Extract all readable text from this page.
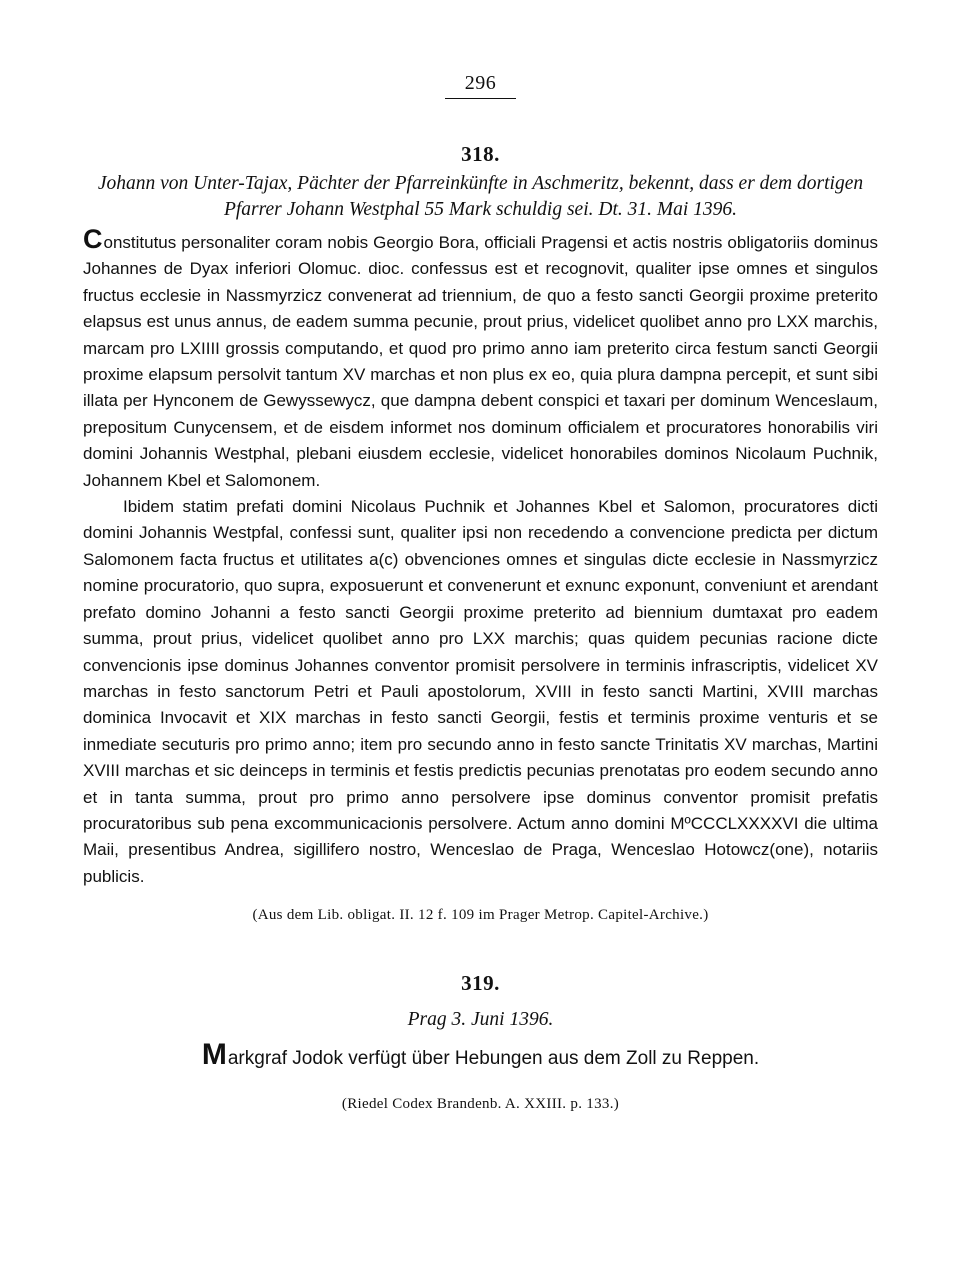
296
318.
Johann von Unter-Tajax, Pächter der Pfarreinkünfte in Aschmeritz, bekennt, dass er dem dortigen Pfarrer Johann Westphal 55 Mark schuldig sei. Dt. 31. Mai 1396.

Constitutus personaliter coram nobis Georgio Bora, officiali Pragensi et actis nostris obligatoriis dominus Johannes de Dyax inferiori Olomuc. dioc. confessus est et recognovit, qualiter ipse omnes et singulos fructus ecclesie in Nassmyrzicz convenerat ad triennium, de quo a festo sancti Georgii proxime preterito elapsus est unus annus, de eadem summa pecunie, prout prius, videlicet quolibet anno pro LXX marchis, marcam pro LXIIII grossis computando, et quod pro primo anno iam preterito circa festum sancti Georgii proxime elapsum persolvit tantum XV marchas et non plus ex eo, quia plura dampna percepit, et sunt sibi illata per Hynconem de Gewyssewycz, que dampna debent conspici et taxari per dominum Wenceslaum, prepositum Cunycensem, et de eisdem informet nos dominum officialem et procuratores honorabilis viri domini Johannis Westphal, plebani eiusdem ecclesie, videlicet honorabiles dominos Nicolaum Puchnik, Johannem Kbel et Salomonem.

Ibidem statim prefati domini Nicolaus Puchnik et Johannes Kbel et Salomon, procuratores dicti domini Johannis Westpfal, confessi sunt, qualiter ipsi non recedendo a convencione predicta per dictum Salomonem facta fructus et utilitates a(c) obvenciones omnes et singulas dicte ecclesie in Nassmyrzicz nomine procuratorio, quo supra, exposuerunt et convenerunt et exnunc exponunt, conveniunt et arendant prefato domino Johanni a festo sancti Georgii proxime preterito ad biennium dumtaxat pro eadem summa, prout prius, videlicet quolibet anno pro LXX marchis; quas quidem pecunias racione dicte convencionis ipse dominus Johannes conventor promisit persolvere in terminis infrascriptis, videlicet XV marchas in festo sanctorum Petri et Pauli apostolorum, XVIII in festo sancti Martini, XVIII marchas dominica Invocavit et XIX marchas in festo sancti Georgii, festis et terminis proxime venturis et se inmediate secuturis pro primo anno; item pro secundo anno in festo sancte Trinitatis XV marchas, Martini XVIII marchas et sic deinceps in terminis et festis predictis pecunias prenotatas pro eodem secundo anno et in tanta summa, prout pro primo anno persolvere ipse dominus conventor promisit prefatis procuratoribus sub pena excommunicacionis persolvere. Actum anno domini MºCCCLXXXXVI die ultima Maii, presentibus Andrea, sigillifero nostro, Wenceslao de Praga, Wenceslao Hotowcz(one), notariis publicis.

(Aus dem Lib. obligat. II. 12 f. 109 im Prager Metrop. Capitel-Archive.)
319.
Prag 3. Juni 1396.
Markgraf Jodok verfügt über Hebungen aus dem Zoll zu Reppen.
(Riedel Codex Brandenb. A. XXIII. p. 133.)
